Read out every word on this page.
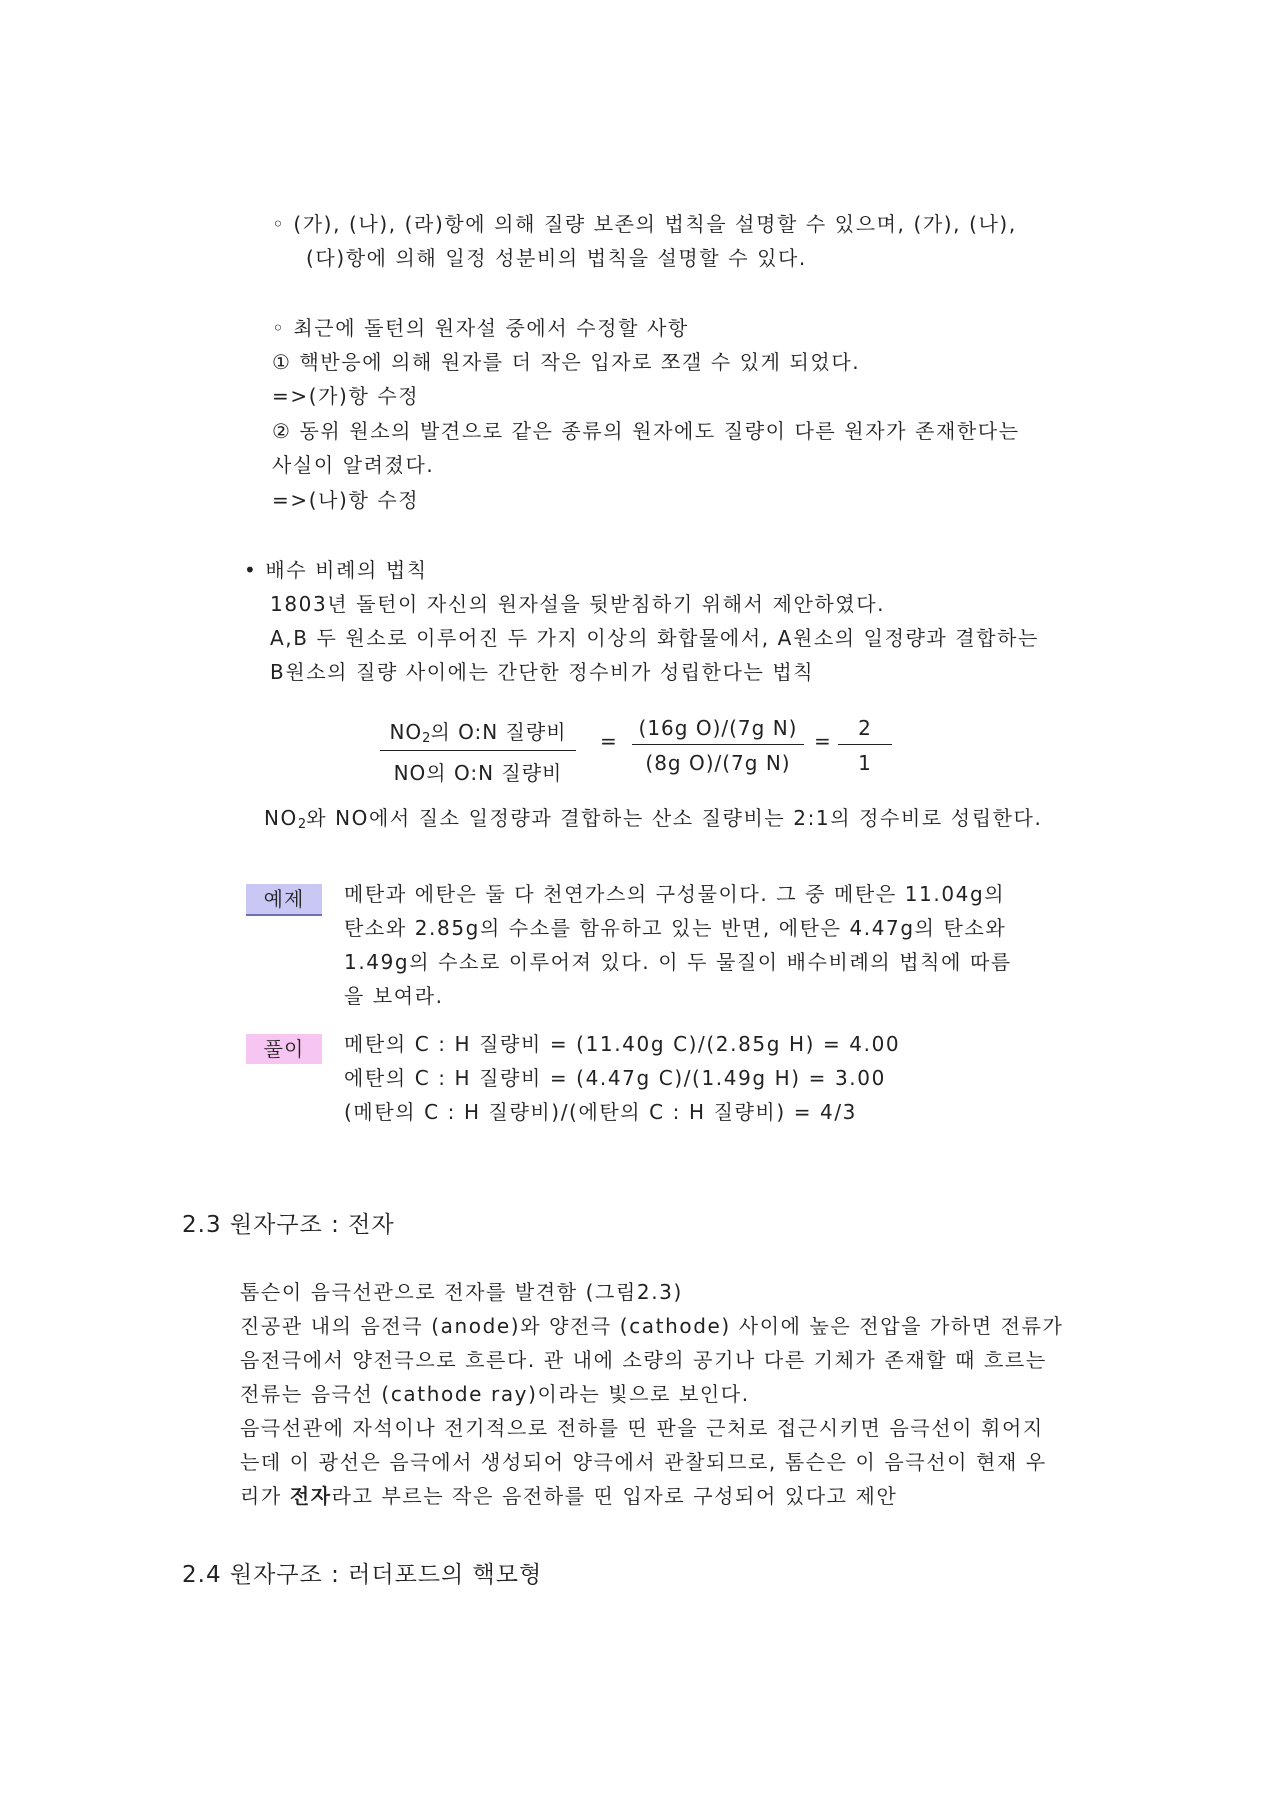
◦ (가), (나), (라)항에 의해 질량 보존의 법칙을 설명할 수 있으며, (가), (나),
(다)항에 의해 일정 성분비의 법칙을 설명할 수 있다.
◦ 최근에 돌턴의 원자설 중에서 수정할 사항
① 핵반응에 의해 원자를 더 작은 입자로 쪼갤 수 있게 되었다.
=>(가)항 수정
② 동위 원소의 발견으로 같은 종류의 원자에도 질량이 다른 원자가 존재한다는
사실이 알려졌다.
=>(나)항 수정
• 배수 비례의 법칙
1803년 돌턴이 자신의 원자설을 뒷받침하기 위해서 제안하였다.
A,B 두 원소로 이루어진 두 가지 이상의 화합물에서, A원소의 일정량과 결합하는
B원소의 질량 사이에는 간단한 정수비가 성립한다는 법칙
$NO_2$의 O:N 질량비
NO의 O:N 질량비
= $\frac{\text{(16g O)/(7g N)}}{\text{(8g O)/(7g N)}} = \frac{2}{1}$
$NO_2$와 NO에서 질소 일정량과 결합하는 산소 질량비는 2:1의 정수비로 성립한다.
예제	메탄과 에탄은 둘 다 천연가스의 구성물이다. 그 중 메탄은 11.04g의
탄소와 2.85g의 수소를 함유하고 있는 반면, 에탄은 4.47g의 탄소와
1.49g의 수소로 이루어져 있다. 이 두 물질이 배수비례의 법칙에 따름
을 보여라.
풀이	메탄의 C : H 질량비 = (11.40g C)/(2.85g H) = 4.00
에탄의 C : H 질량비 = (4.47g C)/(1.49g H) = 3.00
(메탄의 C : H 질량비)/(에탄의 C : H 질량비) = 4/3
2.3 원자구조 : 전자
톰슨이 음극선관으로 전자를 발견함 (그림2.3)
진공관 내의 음전극 (anode)와 양전극 (cathode) 사이에 높은 전압을 가하면 전류가
음전극에서 양전극으로 흐른다. 관 내에 소량의 공기나 다른 기체가 존재할 때 흐르는
전류는 음극선 (cathode ray)이라는 빛으로 보인다.
음극선관에 자석이나 전기적으로 전하를 띤 판을 근처로 접근시키면 음극선이 휘어지
는데 이 광선은 음극에서 생성되어 양극에서 관찰되므로, 톰슨은 이 음극선이 현재 우
리가 전자라고 부르는 작은 음전하를 띤 입자로 구성되어 있다고 제안
2.4 원자구조 : 러더포드의 핵모형
